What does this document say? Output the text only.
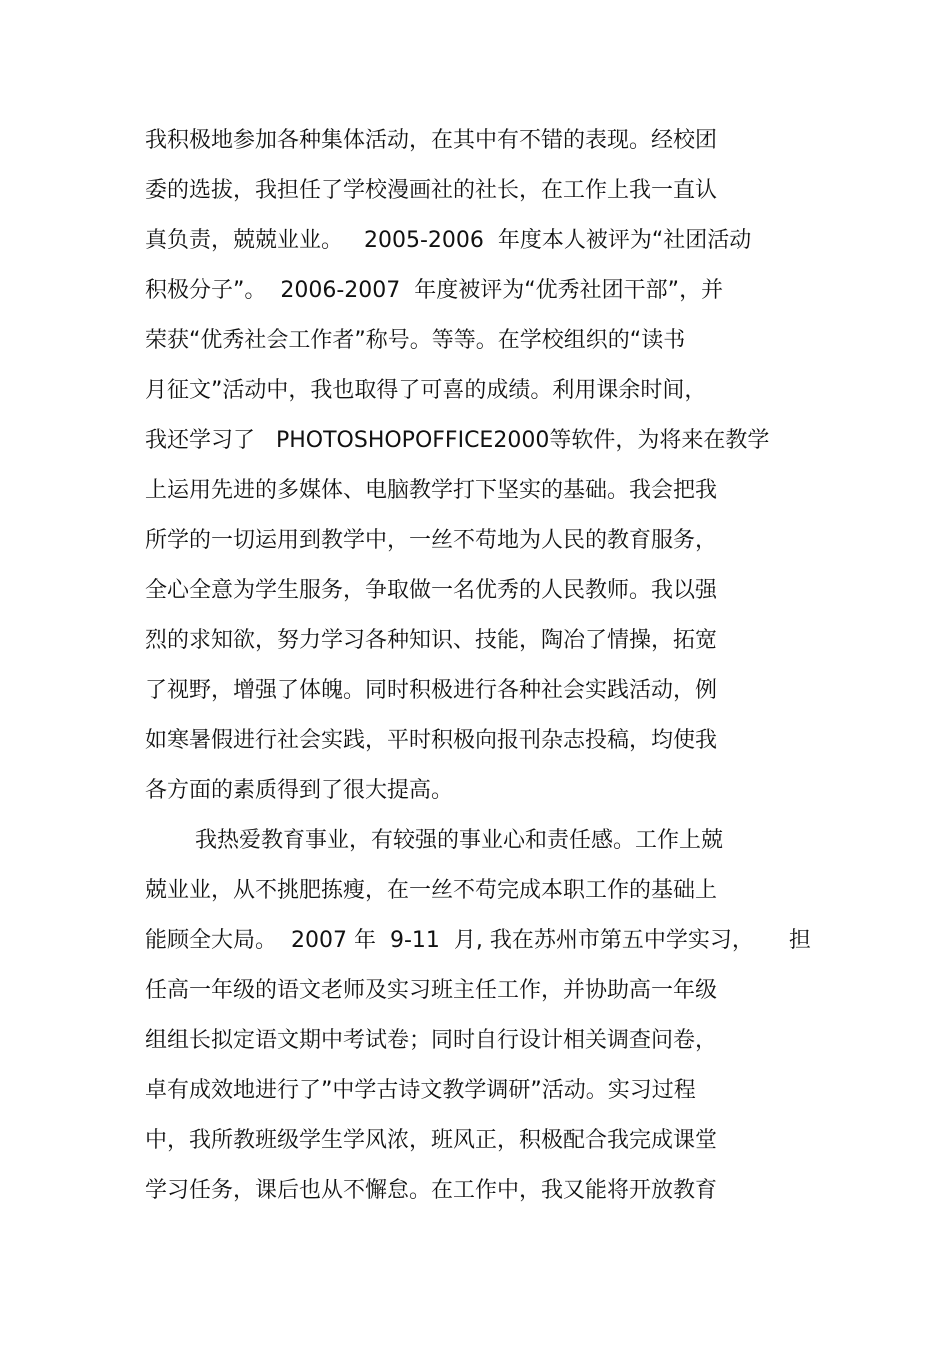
我积极地参加各种集体活动，在其中有不错的表现。经校团

委的选拔，我担任了学校漫画社的社长，在工作上我一直认

真负责，兢兢业业。   2005-2006  年度本人被评为“社团活动

积极分子”。  2006-2007  年度被评为“优秀社团干部”，并

荣获“优秀社会工作者”称号。等等。在学校组织的“读书

月征文”活动中，我也取得了可喜的成绩。利用课余时间，

我还学习了   PHOTOSHOPOFFICE2000等软件，为将来在教学

上运用先进的多媒体、电脑教学打下坚实的基础。我会把我

所学的一切运用到教学中，一丝不苟地为人民的教育服务，

全心全意为学生服务，争取做一名优秀的人民教师。我以强

烈的求知欲，努力学习各种知识、技能，陶冶了情操，拓宽

了视野，增强了体魄。同时积极进行各种社会实践活动，例

如寒暑假进行社会实践，平时积极向报刊杂志投稿，均使我

各方面的素质得到了很大提高。

我热爱教育事业，有较强的事业心和责任感。工作上兢

兢业业，从不挑肥拣瘦，在一丝不苟完成本职工作的基础上

能顾全大局。  2007 年  9-11  月, 我在苏州市第五中学实习，     担

任高一年级的语文老师及实习班主任工作，并协助高一年级

组组长拟定语文期中考试卷；同时自行设计相关调查问卷，

卓有成效地进行了”中学古诗文教学调研”活动。实习过程

中，我所教班级学生学风浓，班风正，积极配合我完成课堂

学习任务，课后也从不懈怠。在工作中，我又能将开放教育
